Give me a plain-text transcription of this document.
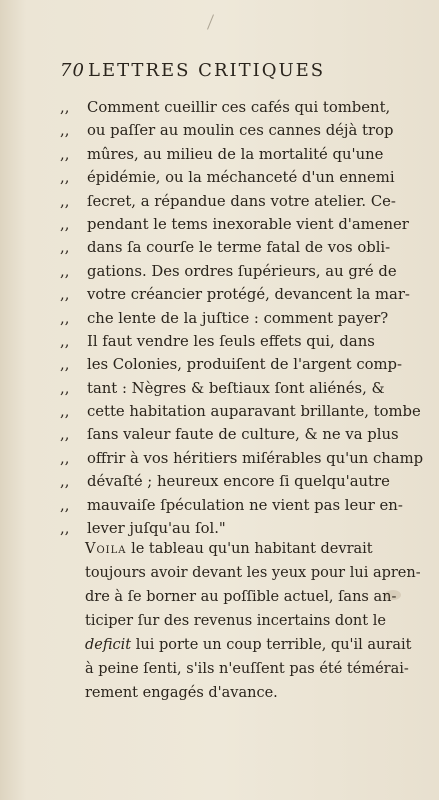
70 LETTRES CRITIQUES
,,	Comment cueillir ces cafés qui tombent,
,,	ou paſſer au moulin ces cannes déjà trop
,,	mûres, au milieu de la mortalité qu'une
,,	épidémie, ou la méchanceté d'un ennemi
,,	ſecret, a répandue dans votre atelier. Ce-
,,	pendant le tems inexorable vient d'amener
,,	dans ſa courſe le terme fatal de vos obli-
,,	gations. Des ordres ſupérieurs, au gré de
,,	votre créancier protégé, devancent la mar-
,,	che lente de la juſtice : comment payer?
,,	Il faut vendre les ſeuls effets qui, dans
,,	les Colonies, produiſent de l'argent comp-
,,	tant : Nègres & beſtiaux ſont aliénés, &
,,	cette habitation auparavant brillante, tombe
,,	ſans valeur faute de culture, & ne va plus
,,	offrir à vos héritiers miſérables qu'un champ
,,	dévaſté ; heureux encore ſi quelqu'autre
,,	mauvaiſe ſpéculation ne vient pas leur en-
,,	lever juſqu'au ſol."
Voila le tableau qu'un habitant devrait
toujours avoir devant les yeux pour lui apren-
dre à ſe borner au poſſible actuel, ſans an-
ticiper ſur des revenus incertains dont le
deficit lui porte un coup terrible, qu'il aurait
à peine ſenti, s'ils n'euſſent pas été témérai-
rement engagés d'avance.
